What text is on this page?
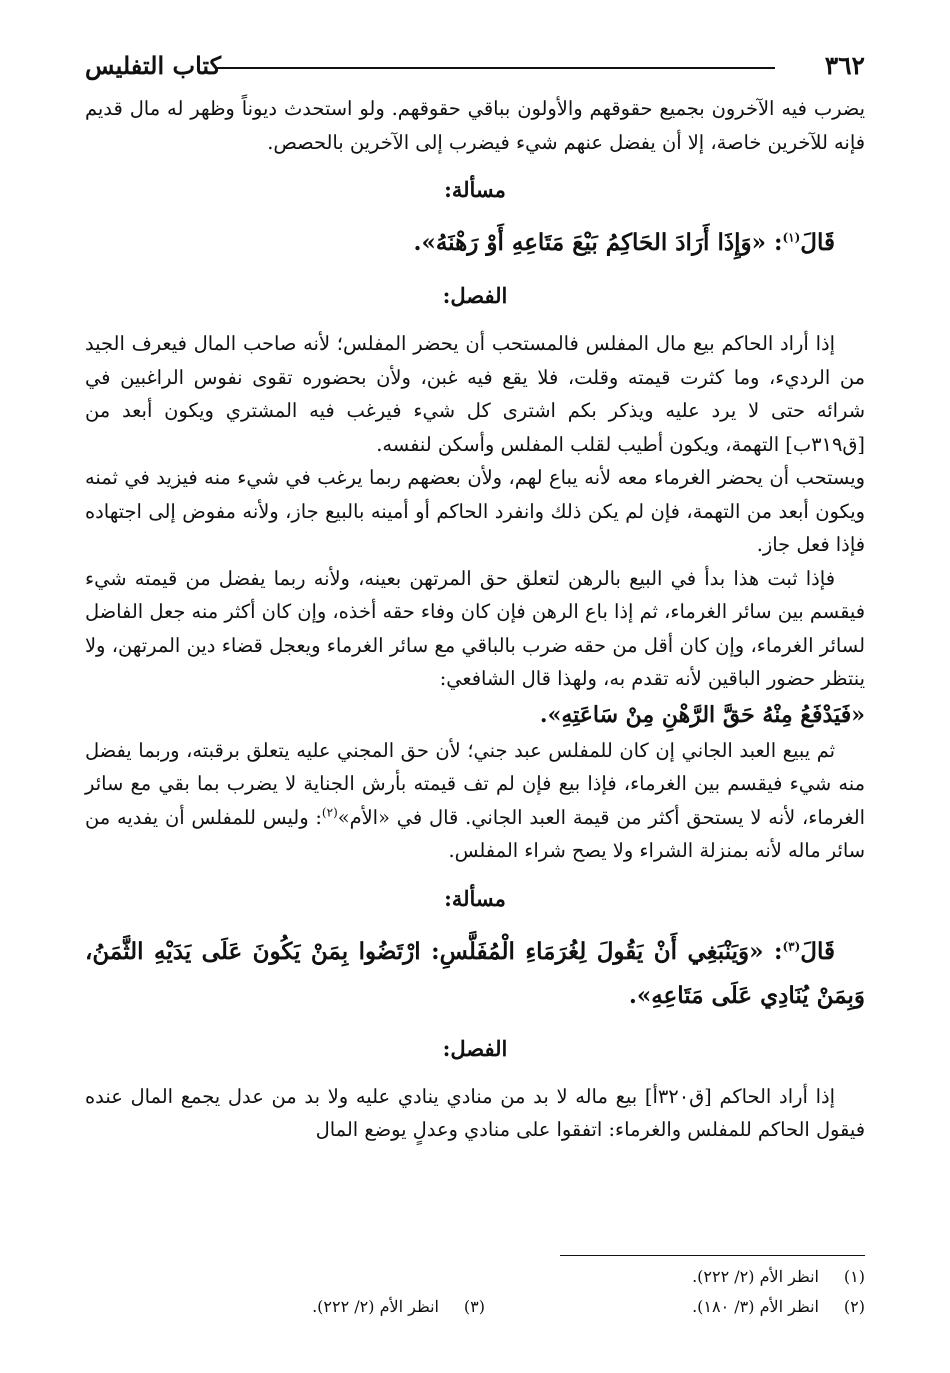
٣٦٢
كتاب التفليس

يضرب فيه الآخرون بجميع حقوقهم والأولون بباقي حقوقهم. ولو استحدث ديوناً وظهر له مال قديم فإنه للآخرين خاصة، إلا أن يفضل عنهم شيء فيضرب إلى الآخرين بالحصص.

مسألة:

قَالَ$^{(١)}$: «وَإِذَا أَرَادَ الحَاكِمُ بَيْعَ مَتَاعِهِ أَوْ رَهْنَهُ».

الفصل:

إذا أراد الحاكم بيع مال المفلس فالمستحب أن يحضر المفلس؛ لأنه صاحب المال فيعرف الجيد من الرديء، وما كثرت قيمته وقلت، فلا يقع فيه غبن، ولأن بحضوره تقوى نفوس الراغبين في شرائه حتى لا يرد عليه ويذكر بكم اشترى كل شيء فيرغب فيه المشتري ويكون أبعد من [ق٣١٩ب] التهمة، ويكون أطيب لقلب المفلس وأسكن لنفسه.

ويستحب أن يحضر الغرماء معه لأنه يباع لهم، ولأن بعضهم ربما يرغب في شيء منه فيزيد في ثمنه ويكون أبعد من التهمة، فإن لم يكن ذلك وانفرد الحاكم أو أمينه بالبيع جاز، ولأنه مفوض إلى اجتهاده فإذا فعل جاز.

فإذا ثبت هذا بدأ في البيع بالرهن لتعلق حق المرتهن بعينه، ولأنه ربما يفضل من قيمته شيء فيقسم بين سائر الغرماء، ثم إذا باع الرهن فإن كان وفاء حقه أخذه، وإن كان أكثر منه جعل الفاضل لسائر الغرماء، وإن كان أقل من حقه ضرب بالباقي مع سائر الغرماء ويعجل قضاء دين المرتهن، ولا ينتظر حضور الباقين لأنه تقدم به، ولهذا قال الشافعي:

«فَيَدْفَعُ مِنْهُ حَقَّ الرَّهْنِ مِنْ سَاعَتِهِ».

ثم يبيع العبد الجاني إن كان للمفلس عبد جني؛ لأن حق المجني عليه يتعلق برقبته، وربما يفضل منه شيء فيقسم بين الغرماء، فإذا بيع فإن لم تف قيمته بأرش الجناية لا يضرب بما بقي مع سائر الغرماء، لأنه لا يستحق أكثر من قيمة العبد الجاني. قال في «الأم»$^{(٢)}$: وليس للمفلس أن يفديه من سائر ماله لأنه بمنزلة الشراء ولا يصح شراء المفلس.

مسألة:

قَالَ$^{(٣)}$: «وَيَنْبَغِي أَنْ يَقُولَ لِغُرَمَاءِ الْمُفَلَّسِ: ارْتَضُوا بِمَنْ يَكُونَ عَلَى يَدَيْهِ الثَّمَنُ، وَبِمَنْ يُنَادِي عَلَى مَتَاعِهِ».

الفصل:

إذا أراد الحاكم [ق٣٢٠أ] بيع ماله لا بد من منادي ينادي عليه ولا بد من عدل يجمع المال عنده فيقول الحاكم للمفلس والغرماء: اتفقوا على منادي وعدلٍ يوضع المال

(١)انظر الأم (٢/ ٢٢٢).
(٢)انظر الأم (٣/ ١٨٠).
(٣)انظر الأم (٢/ ٢٢٢).
